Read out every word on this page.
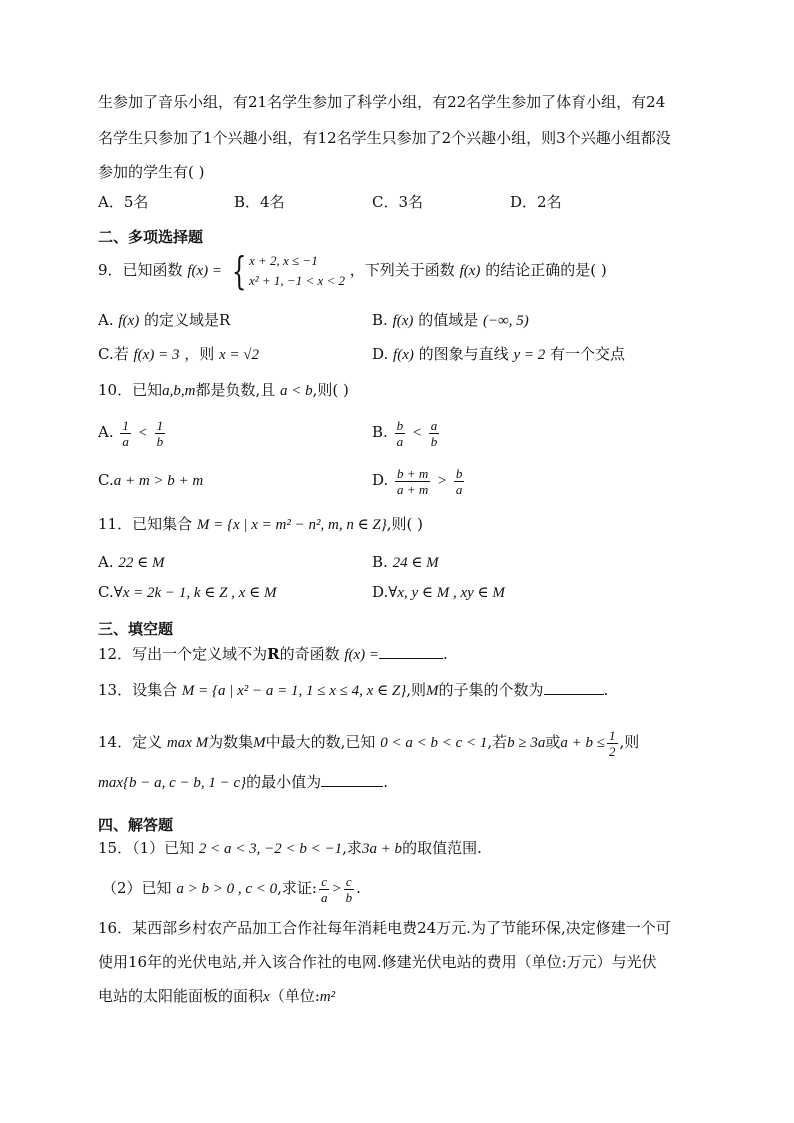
生参加了音乐小组，有21名学生参加了科学小组，有22名学生参加了体育小组，有24
名学生只参加了1个兴趣小组，有12名学生只参加了2个兴趣小组，则3个兴趣小组都没
参加的学生有( )
A．5名	B．4名	C．3名	D．2名
二、多项选择题
9．已知函数 f(x) = { x + 2, x ≤ −1
x² + 1, −1 < x < 2
，下列关于函数 f(x) 的结论正确的是( )
A. f(x) 的定义域是R	B. f(x) 的值域是 (−∞, 5)
C.若 f(x) = 3 ，则 x = √2	D. f(x) 的图象与直线 y = 2 有一个交点
10．已知a,b,m都是负数,且 a < b,则( )
A. $\frac{1}{a} < \frac{1}{b}$	B. $\frac{b}{a} < \frac{a}{b}$
C.a + m > b + m	D. $\frac{b + m}{a + m} > \frac{b}{a}$
11．已知集合 M = {x | x = m² − n², m, n ∈ Z},则( )
A. 22 ∈ M	B. 24 ∈ M
C.∀x = 2k − 1, k ∈ Z , x ∈ M	D.∀x, y ∈ M , xy ∈ M
三、填空题
12．写出一个定义域不为R的奇函数 f(x) =	.
13．设集合 M = {a | x² − a = 1, 1 ≤ x ≤ 4, x ∈ Z},则M的子集的个数为	.
14．定义 max M为数集M中最大的数,已知 0 < a < b < c < 1,若b ≥ 3a或$a + b \le \frac{1}{2}$ ,则
max{b − a, c − b, 1 − c}的最小值为	.
四、解答题
15．（1）已知 2 < a < 3, −2 < b < −1,求3a + b的取值范围.
（2）已知 a > b > 0 , c < 0,求证: $\frac{c}{a} > \frac{c}{b}$ .
16．某西部乡村农产品加工合作社每年消耗电费24万元.为了节能环保,决定修建一个可
使用16年的光伏电站,并入该合作社的电网.修建光伏电站的费用（单位:万元）与光伏
电站的太阳能面板的面积x（单位:m²
